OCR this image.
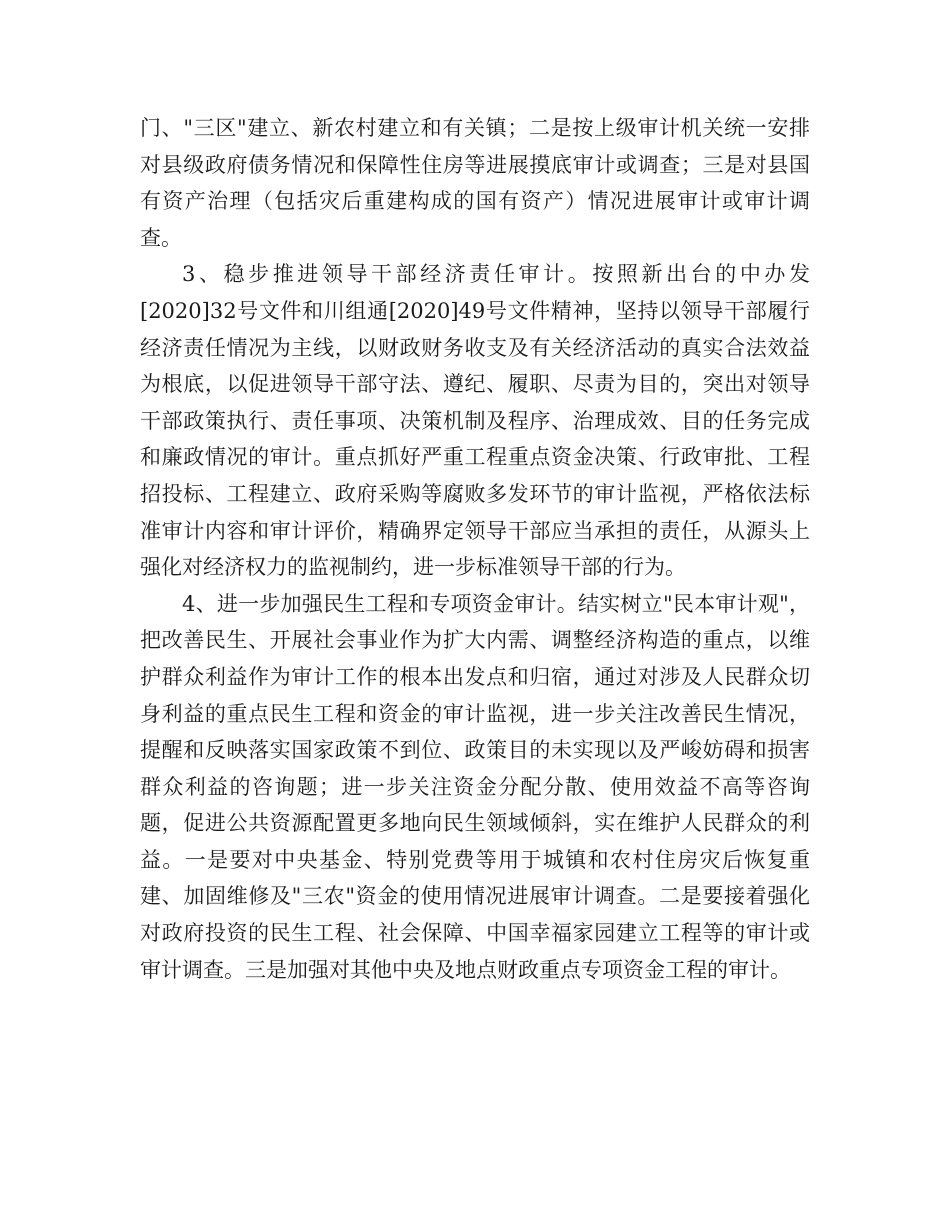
门、"三区"建立、新农村建立和有关镇；二是按上级审计机关统一安排对县级政府债务情况和保障性住房等进展摸底审计或调查；三是对县国有资产治理（包括灾后重建构成的国有资产）情况进展审计或审计调查。

3、稳步推进领导干部经济责任审计。按照新出台的中办发[2020]32号文件和川组通[2020]49号文件精神，坚持以领导干部履行经济责任情况为主线，以财政财务收支及有关经济活动的真实合法效益为根底，以促进领导干部守法、遵纪、履职、尽责为目的，突出对领导干部政策执行、责任事项、决策机制及程序、治理成效、目的任务完成和廉政情况的审计。重点抓好严重工程重点资金决策、行政审批、工程招投标、工程建立、政府采购等腐败多发环节的审计监视，严格依法标准审计内容和审计评价，精确界定领导干部应当承担的责任，从源头上强化对经济权力的监视制约，进一步标准领导干部的行为。

4、进一步加强民生工程和专项资金审计。结实树立"民本审计观"，把改善民生、开展社会事业作为扩大内需、调整经济构造的重点，以维护群众利益作为审计工作的根本出发点和归宿，通过对涉及人民群众切身利益的重点民生工程和资金的审计监视，进一步关注改善民生情况，提醒和反映落实国家政策不到位、政策目的未实现以及严峻妨碍和损害群众利益的咨询题；进一步关注资金分配分散、使用效益不高等咨询题，促进公共资源配置更多地向民生领域倾斜，实在维护人民群众的利益。一是要对中央基金、特别党费等用于城镇和农村住房灾后恢复重建、加固维修及"三农"资金的使用情况进展审计调查。二是要接着强化对政府投资的民生工程、社会保障、中国幸福家园建立工程等的审计或审计调查。三是加强对其他中央及地点财政重点专项资金工程的审计。
